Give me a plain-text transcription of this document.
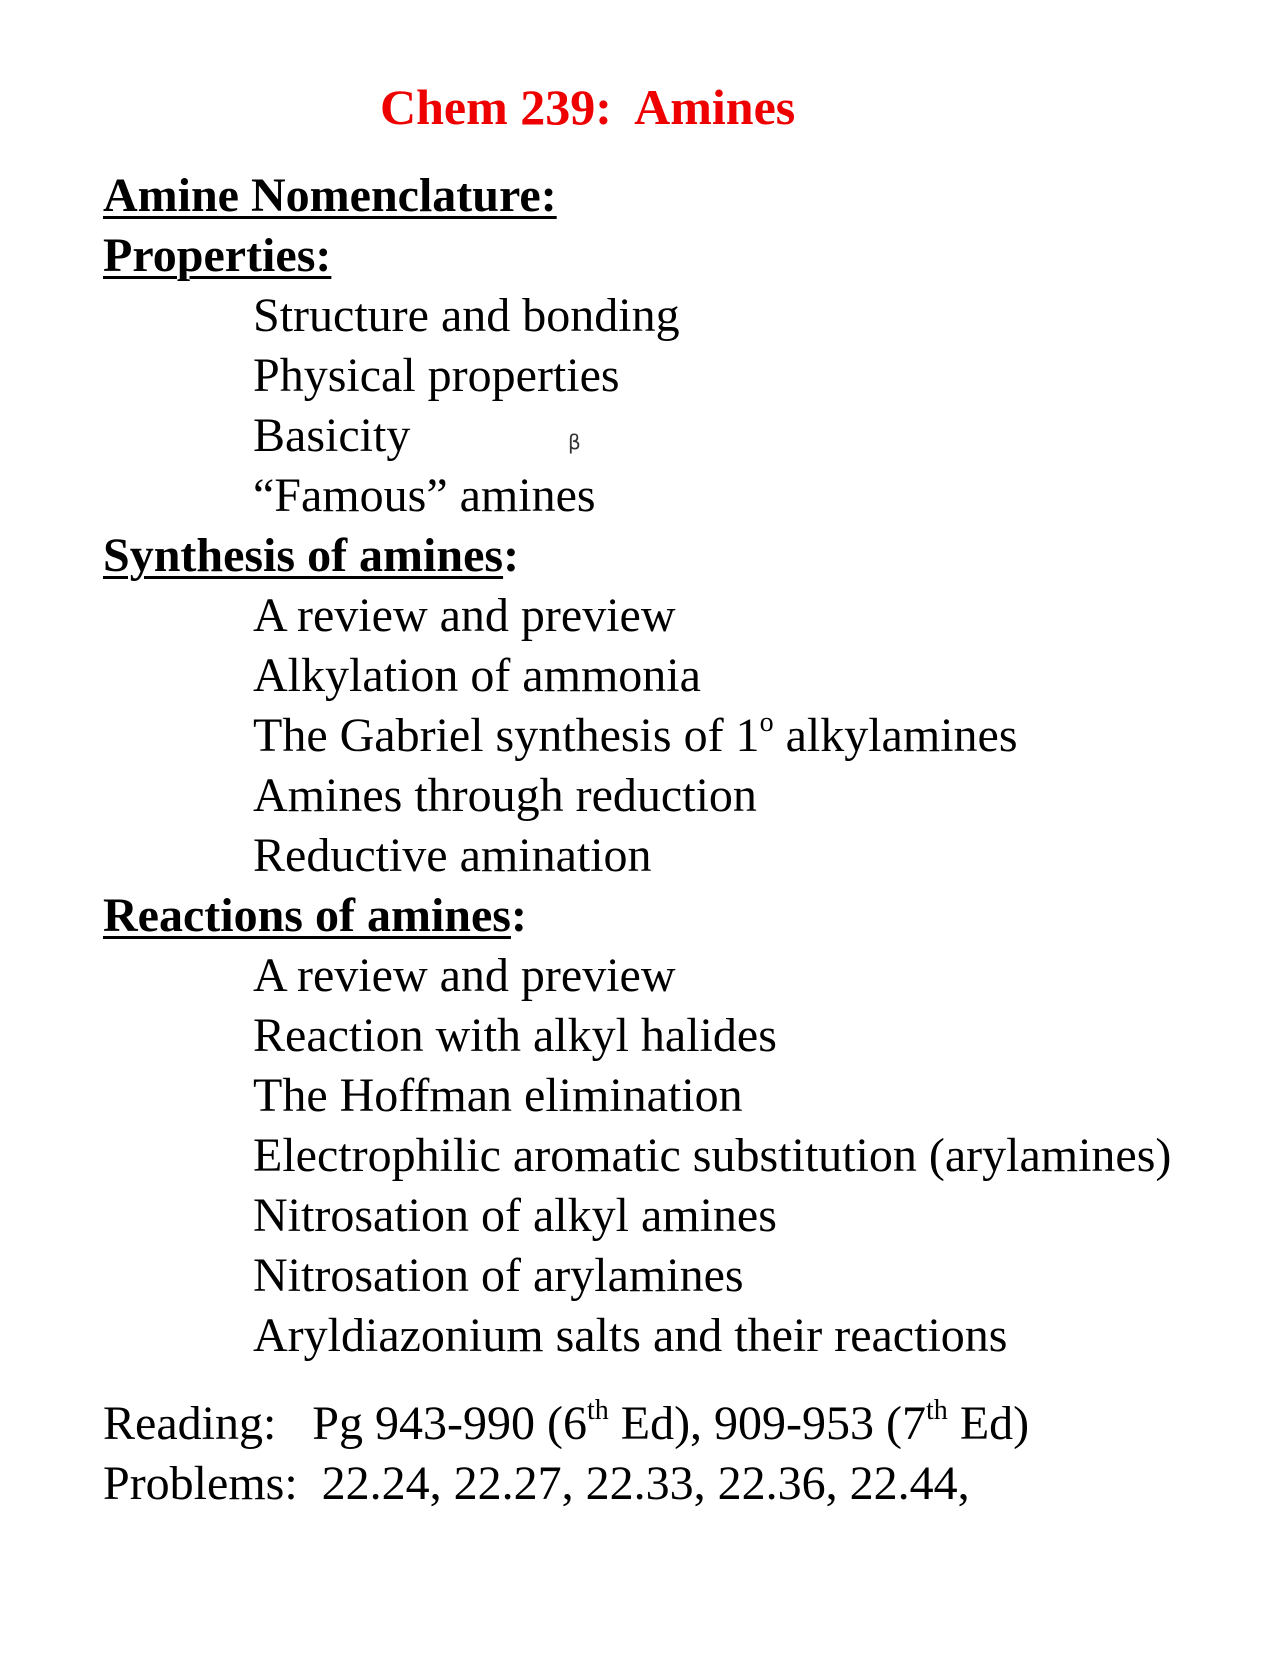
Chem 239:  Amines
Amine Nomenclature:
Properties:
Structure and bonding
Physical properties
Basicity	β
“Famous” amines
Synthesis of amines:
A review and preview
Alkylation of ammonia
The Gabriel synthesis of 1$^o$ alkylamines
Amines through reduction
Reductive amination
Reactions of amines:
A review and preview
Reaction with alkyl halides
The Hoffman elimination
Electrophilic aromatic substitution (arylamines)
Nitrosation of alkyl amines
Nitrosation of arylamines
Aryldiazonium salts and their reactions
Reading:   Pg 943-990 (6th Ed), 909-953 (7th Ed)
Problems:  22.24, 22.27, 22.33, 22.36, 22.44,
